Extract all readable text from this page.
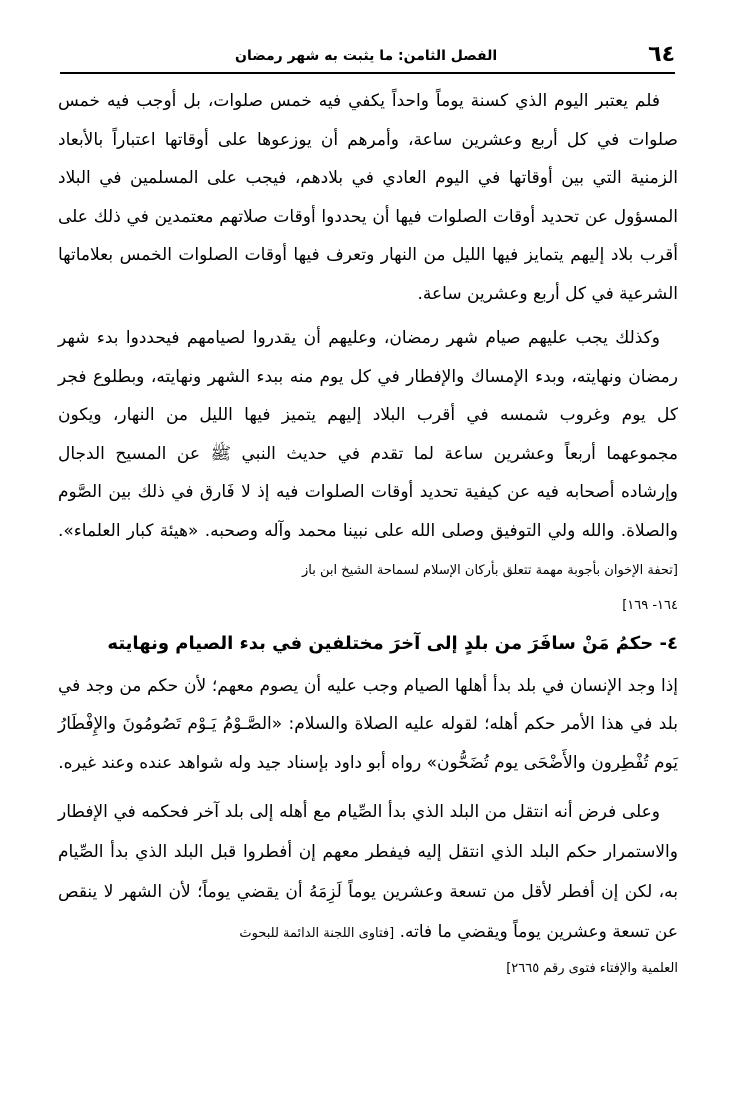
٦٤
الفصل الثامن: ما يثبت به شهر رمضان

فلم يعتبر اليوم الذي كسنة يوماً واحداً يكفي فيه خمس صلوات، بل أوجب فيه خمس صلوات في كل أربع وعشرين ساعة، وأمرهم أن يوزعوها على أوقاتها اعتباراً بالأبعاد الزمنية التي بين أوقاتها في اليوم العادي في بلادهم، فيجب على المسلمين في البلاد المسؤول عن تحديد أوقات الصلوات فيها أن يحددوا أوقات صلاتهم معتمدين في ذلك على أقرب بلاد إليهم يتمايز فيها الليل من النهار وتعرف فيها أوقات الصلوات الخمس بعلاماتها الشرعية في كل أربع وعشرين ساعة.

وكذلك يجب عليهم صيام شهر رمضان، وعليهم أن يقدروا لصيامهم فيحددوا بدء شهر رمضان ونهايته، وبدء الإمساك والإفطار في كل يوم منه ببدء الشهر ونهايته، وبطلوع فجر كل يوم وغروب شمسه في أقرب البلاد إليهم يتميز فيها الليل من النهار، ويكون مجموعهما أربعاً وعشرين ساعة لما تقدم في حديث النبي ﷺ عن المسيح الدجال وإرشاده أصحابه فيه عن كيفية تحديد أوقات الصلوات فيه إذ لا فَارق في ذلك بين الصَّوم والصلاة. والله ولي التوفيق وصلى الله على نبينا محمد وآله وصحبه. «هيئة كبار العلماء». [تحفة الإخوان بأجوبة مهمة تتعلق بأركان الإسلام لسماحة الشيخ ابن باز

١٦٤- ١٦٩]

٤- حكمُ مَنْ سافَرَ من بلدٍ إلى آخرَ مختلفين في بدء الصيام ونهايته

إذا وجد الإنسان في بلد بدأ أهلها الصيام وجب عليه أن يصوم معهم؛ لأن حكم من وجد في بلد في هذا الأمر حكم أهله؛ لقوله عليه الصلاة والسلام: «الصَّـوْمُ يَـوْم تَصُومُونَ والإِفْطَارُ يَوم تُفْطِرون والأَضْحَى يوم تُضَحُّون» رواه أبو داود بإسناد جيد وله شواهد عنده وعند غيره.

وعلى فرض أنه انتقل من البلد الذي بدأ الصِّيام مع أهله إلى بلد آخر فحكمه في الإفطار والاستمرار حكم البلد الذي انتقل إليه فيفطر معهم إن أفطروا قبل البلد الذي بدأ الصِّيام به، لكن إن أفطر لأقل من تسعة وعشرين يوماً لَزِمَهُ أن يقضي يوماً؛ لأن الشهر لا ينقص عن تسعة وعشرين يوماً ويقضي ما فاته. [فتاوى اللجنة الدائمة للبحوث

العلمية والإفتاء فتوى رقم ٢٦٦٥]
